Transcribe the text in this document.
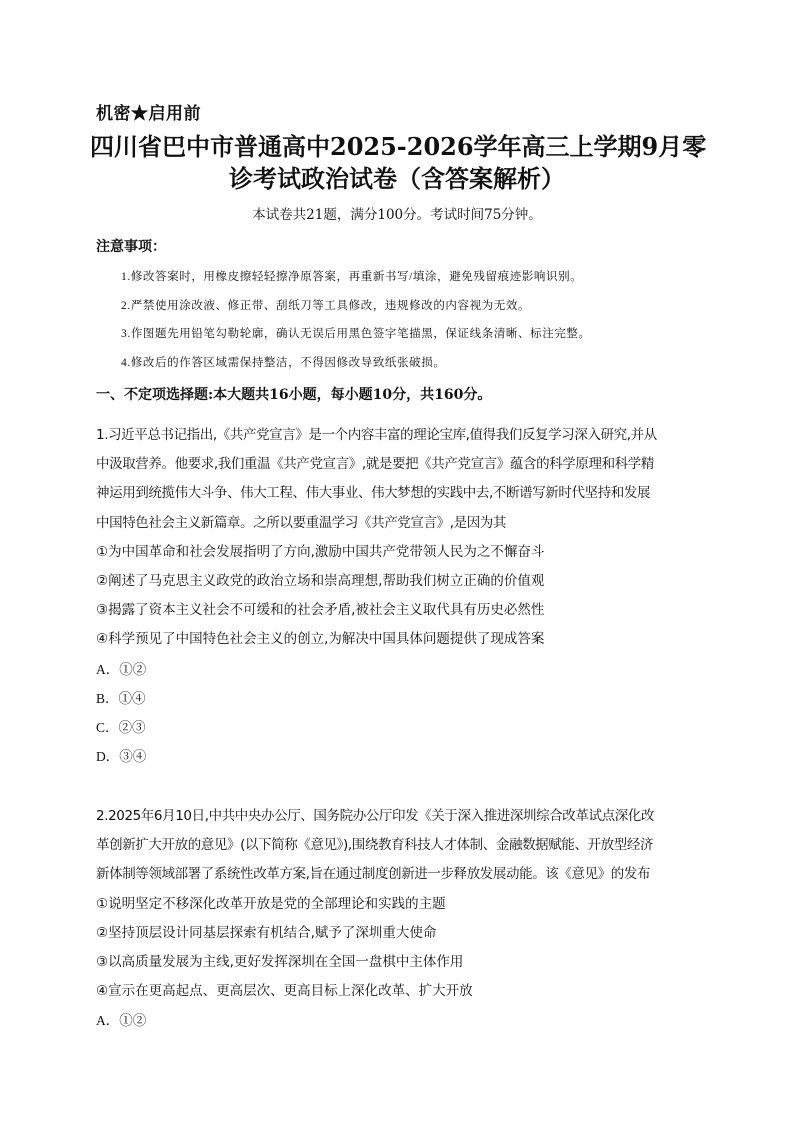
机密★启用前
四川省巴中市普通高中2025-2026学年高三上学期9月零
诊考试政治试卷（含答案解析）
本试卷共21题，满分100分。考试时间75分钟。
注意事项：
1.修改答案时，用橡皮擦轻轻擦净原答案，再重新书写/填涂，避免残留痕迹影响识别。
2.严禁使用涂改液、修正带、刮纸刀等工具修改，违规修改的内容视为无效。
3.作图题先用铅笔勾勒轮廓，确认无误后用黑色签字笔描黑，保证线条清晰、标注完整。
4.修改后的作答区域需保持整洁，不得因修改导致纸张破损。
一、不定项选择题:本大题共16小题，每小题10分，共160分。
1.习近平总书记指出,《共产党宣言》是一个内容丰富的理论宝库,值得我们反复学习深入研究,并从
中汲取营养。他要求,我们重温《共产党宣言》,就是要把《共产党宣言》蕴含的科学原理和科学精
神运用到统揽伟大斗争、伟大工程、伟大事业、伟大梦想的实践中去,不断谱写新时代坚持和发展
中国特色社会主义新篇章。之所以要重温学习《共产党宣言》,是因为其
①为中国革命和社会发展指明了方向,激励中国共产党带领人民为之不懈奋斗
②阐述了马克思主义政党的政治立场和崇高理想,帮助我们树立正确的价值观
③揭露了资本主义社会不可缓和的社会矛盾,被社会主义取代具有历史必然性
④科学预见了中国特色社会主义的创立,为解决中国具体问题提供了现成答案
A．①②
B．①④
C．②③
D．③④
2.2025年6月10日,中共中央办公厅、国务院办公厅印发《关于深入推进深圳综合改革试点深化改
革创新扩大开放的意见》(以下简称《意见》),围绕教育科技人才体制、金融数据赋能、开放型经济
新体制等领域部署了系统性改革方案,旨在通过制度创新进一步释放发展动能。该《意见》的发布
①说明坚定不移深化改革开放是党的全部理论和实践的主题
②坚持顶层设计同基层探索有机结合,赋予了深圳重大使命
③以高质量发展为主线,更好发挥深圳在全国一盘棋中主体作用
④宣示在更高起点、更高层次、更高目标上深化改革、扩大开放
A．①②
